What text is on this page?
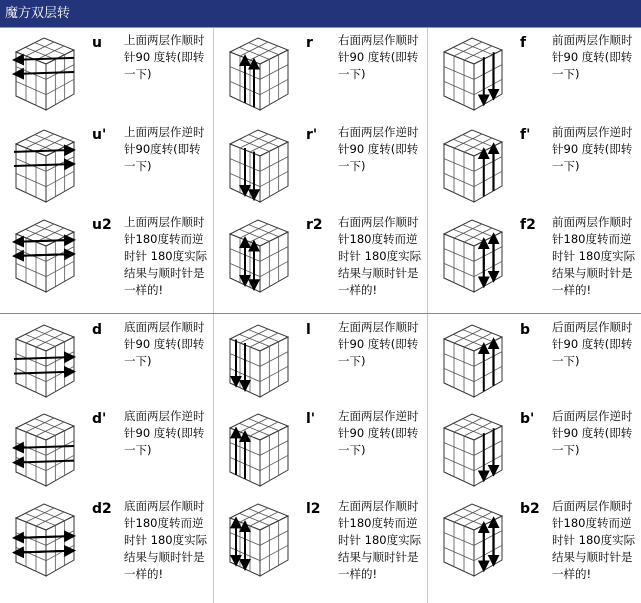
魔方双层转
u 上面两层作顺时针90 度转(即转一下)
r 右面两层作顺时针90 度转(即转一下)
f 前面两层作顺时针90 度转(即转一下)
u' 上面两层作逆时针90度转(即转一下)
r' 右面两层作逆时针90 度转(即转一下)
f' 前面两层作逆时针90 度转(即转一下)
u2 上面两层作顺时针180度转而逆时针 180度实际结果与顺时针是一样的!
r2 右面两层作顺时针180度转而逆时针 180度实际结果与顺时针是一样的!
f2 前面两层作顺时针180度转而逆时针 180度实际结果与顺时针是一样的!
d 底面两层作顺时针90 度转(即转一下)
l 左面两层作顺时针90 度转(即转一下)
b 后面两层作顺时针90 度转(即转一下)
d' 底面两层作逆时针90 度转(即转一下)
l' 左面两层作逆时针90 度转(即转一下)
b' 后面两层作逆时针90 度转(即转一下)
d2 底面两层作顺时针180度转而逆时针 180度实际结果与顺时针是一样的!
l2 左面两层作顺时针180度转而逆时针 180度实际结果与顺时针是一样的!
b2 后面两层作顺时针180度转而逆时针 180度实际结果与顺时针是一样的!
